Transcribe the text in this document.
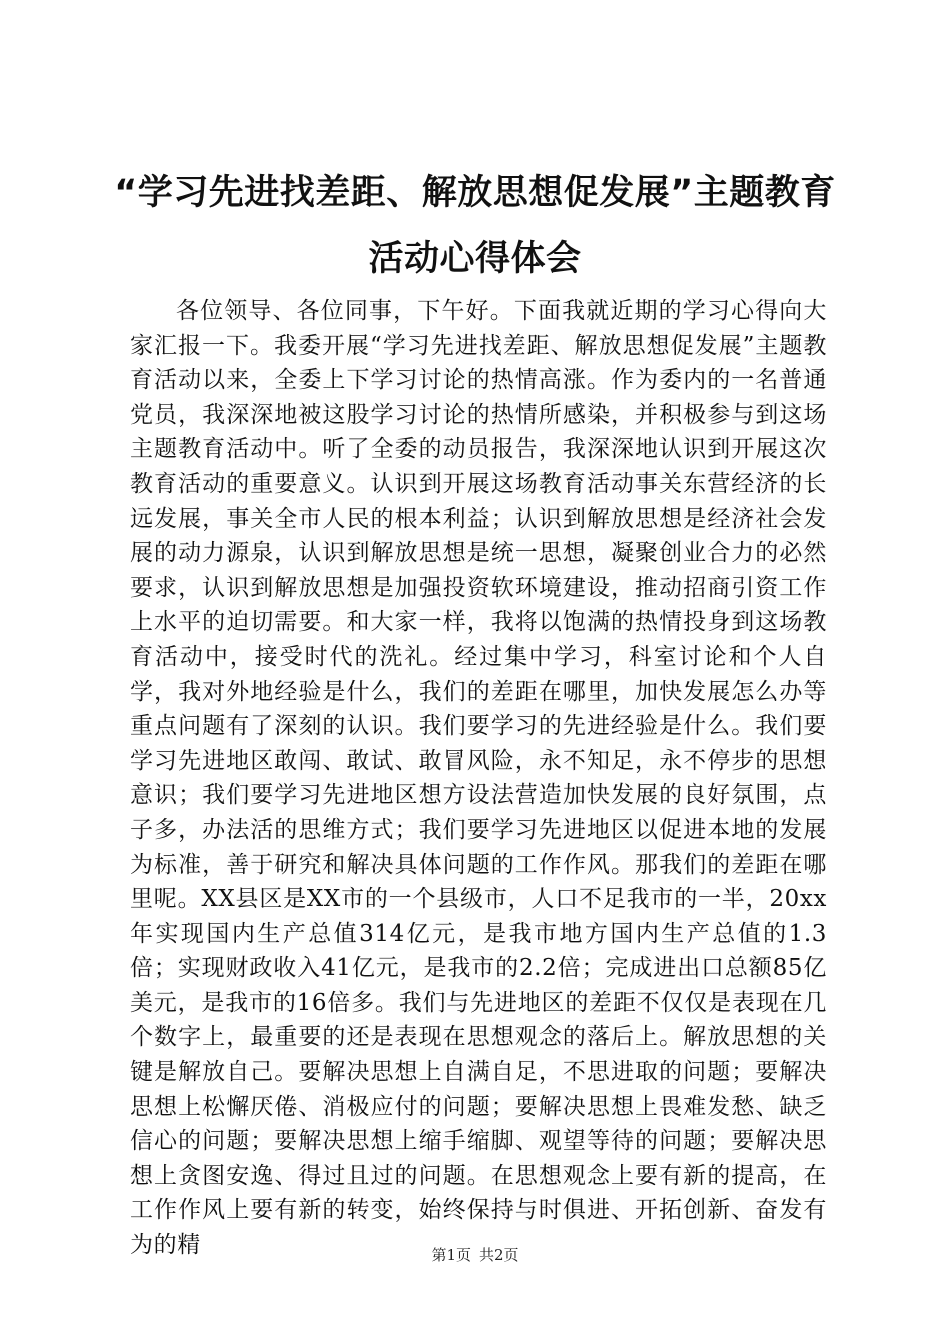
“学习先进找差距、解放思想促发展”主题教育活动心得体会

各位领导、各位同事，下午好。下面我就近期的学习心得向大家汇报一下。我委开展“学习先进找差距、解放思想促发展”主题教育活动以来，全委上下学习讨论的热情高涨。作为委内的一名普通党员，我深深地被这股学习讨论的热情所感染，并积极参与到这场主题教育活动中。听了全委的动员报告，我深深地认识到开展这次教育活动的重要意义。认识到开展这场教育活动事关东营经济的长远发展，事关全市人民的根本利益；认识到解放思想是经济社会发展的动力源泉，认识到解放思想是统一思想，凝聚创业合力的必然要求，认识到解放思想是加强投资软环境建设，推动招商引资工作上水平的迫切需要。和大家一样，我将以饱满的热情投身到这场教育活动中，接受时代的洗礼。经过集中学习，科室讨论和个人自学，我对外地经验是什么，我们的差距在哪里，加快发展怎么办等重点问题有了深刻的认识。我们要学习的先进经验是什么。我们要学习先进地区敢闯、敢试、敢冒风险，永不知足，永不停步的思想意识；我们要学习先进地区想方设法营造加快发展的良好氛围，点子多，办法活的思维方式；我们要学习先进地区以促进本地的发展为标准，善于研究和解决具体问题的工作作风。那我们的差距在哪里呢。XX县区是XX市的一个县级市，人口不足我市的一半，20xx年实现国内生产总值314亿元，是我市地方国内生产总值的1.3倍；实现财政收入41亿元，是我市的2.2倍；完成进出口总额85亿美元，是我市的16倍多。我们与先进地区的差距不仅仅是表现在几个数字上，最重要的还是表现在思想观念的落后上。解放思想的关键是解放自己。要解决思想上自满自足，不思进取的问题；要解决思想上松懈厌倦、消极应付的问题；要解决思想上畏难发愁、缺乏信心的问题；要解决思想上缩手缩脚、观望等待的问题；要解决思想上贪图安逸、得过且过的问题。在思想观念上要有新的提高，在工作作风上要有新的转变，始终保持与时俱进、开拓创新、奋发有为的精	第1页 共2页
